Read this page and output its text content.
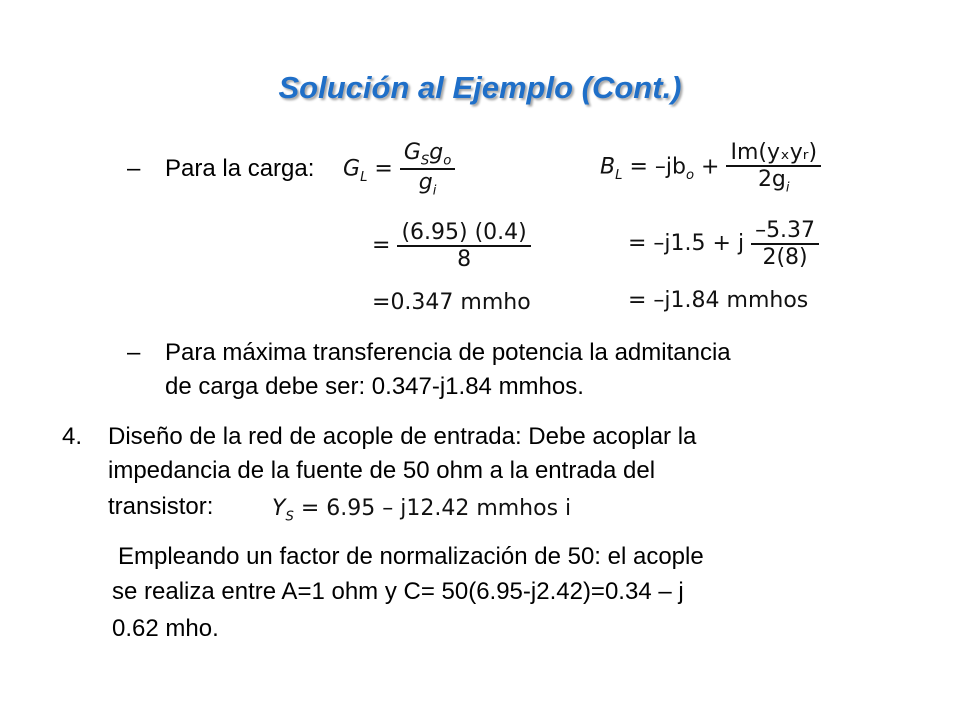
Solución al Ejemplo (Cont.)
– Para la carga: $G_L = \frac{G_Sg_o}{g_i}$
= $\frac{(6.95) (0.4)}{8}$
=0.347 mmho
$B_L = -jb_o + \frac{\text{Im(yₓyᵣ)}}{2g_i}$
= –j1.5 + j $\frac{-5.37}{2(8)}$
= –j1.84 mmhos
– Para máxima transferencia de potencia la admitancia
de carga debe ser: 0.347-j1.84 mmhos.
4. Diseño de la red de acople de entrada: Debe acoplar la
impedancia de la fuente de 50 ohm a la entrada del
transistor:	$Y_S = 6.95 - j12.42$ mmhos i
Empleando un factor de normalización de 50: el acople
se realiza entre A=1 ohm y C= 50(6.95-j2.42)=0.34 – j
0.62 mho.
